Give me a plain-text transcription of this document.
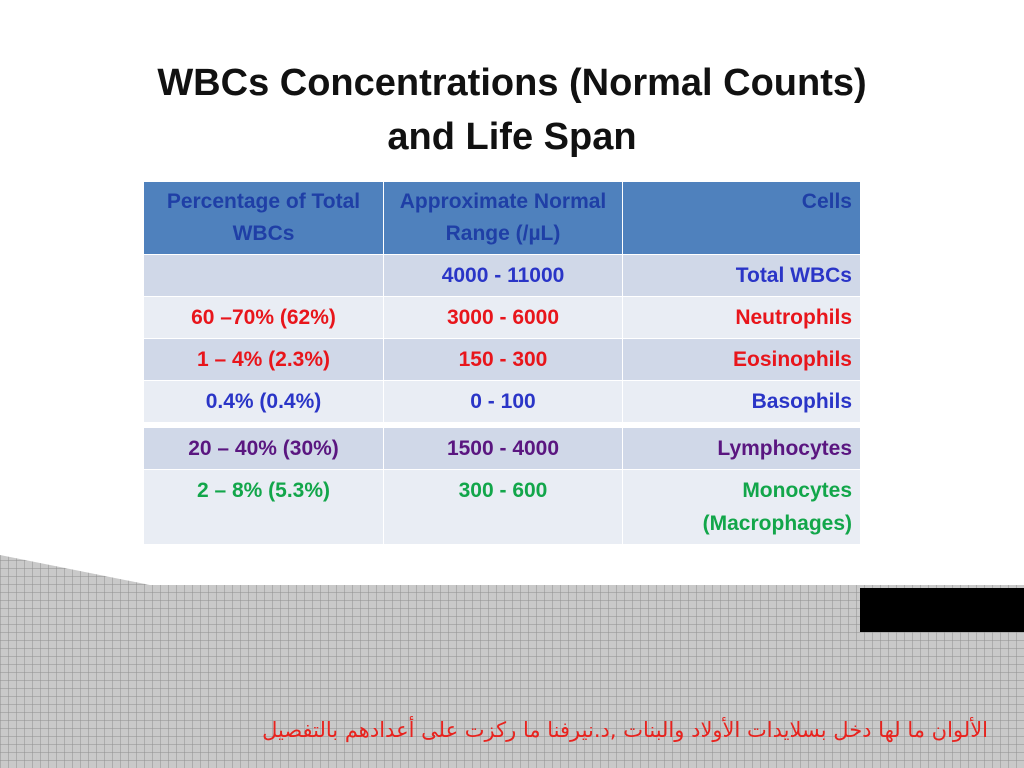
WBCs Concentrations (Normal Counts)
and Life Span
Percentage of Total WBCs	Approximate Normal Range (/µL)	Cells
	4000 - 11000	Total WBCs
60 –70% (62%)	3000 - 6000	Neutrophils
1 – 4% (2.3%)	150 - 300	Eosinophils
0.4% (0.4%)	0 - 100	Basophils
20 – 40% (30%)	1500 - 4000	Lymphocytes
2 – 8% (5.3%)	300 - 600	Monocytes
(Macrophages)
الألوان ما لها دخل بسلايدات الأولاد والبنات ,د.نيرفنا ما ركزت على أعدادهم بالتفصيل
